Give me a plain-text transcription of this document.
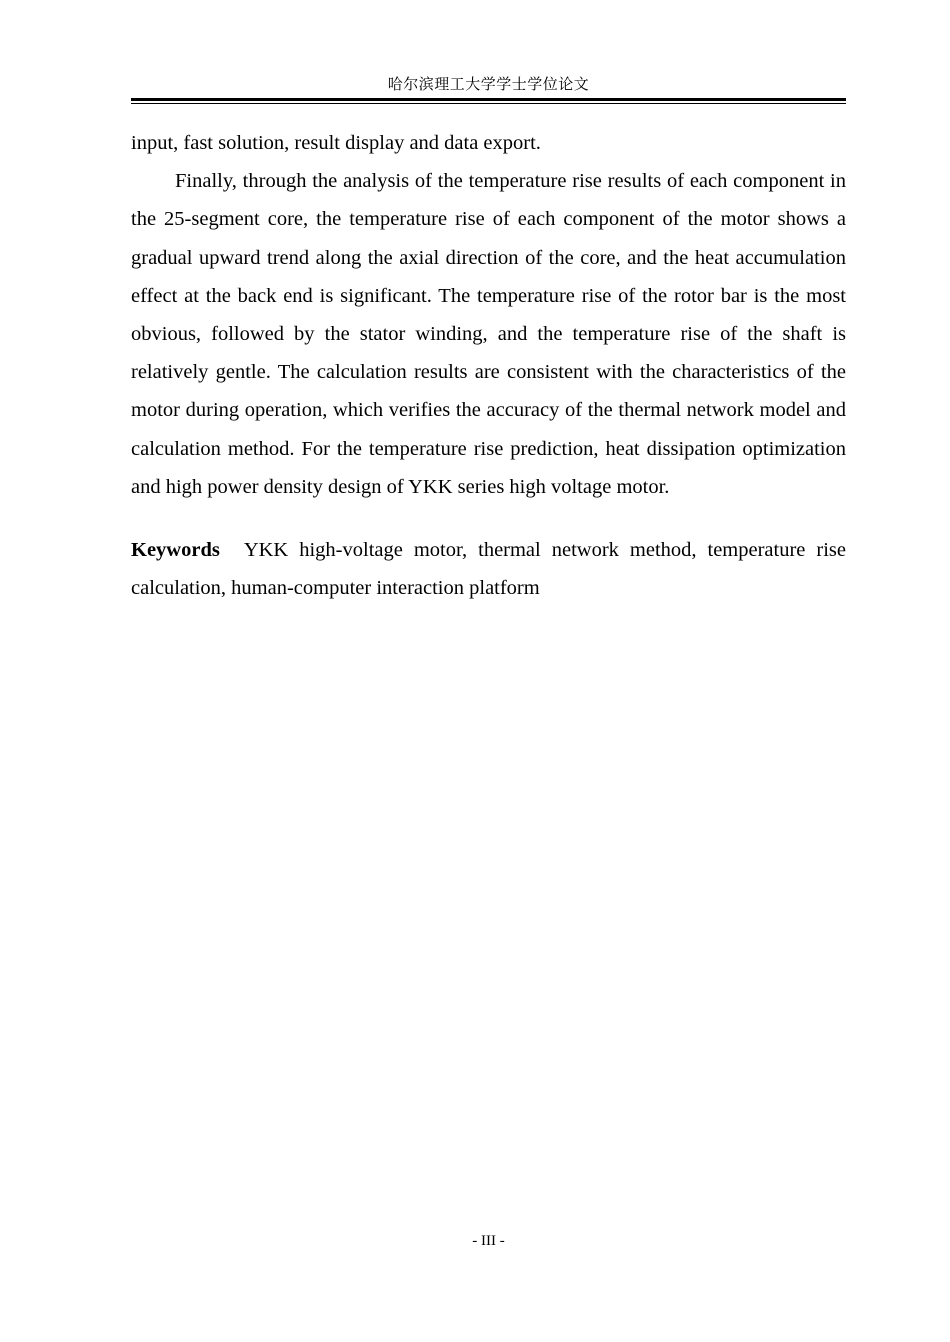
哈尔滨理工大学学士学位论文

input, fast solution, result display and data export.

Finally, through the analysis of the temperature rise results of each component in the 25-segment core, the temperature rise of each component of the motor shows a gradual upward trend along the axial direction of the core, and the heat accumulation effect at the back end is significant. The temperature rise of the rotor bar is the most obvious, followed by the stator winding, and the temperature rise of the shaft is relatively gentle. The calculation results are consistent with the characteristics of the motor during operation, which verifies the accuracy of the thermal network model and calculation method. For the temperature rise prediction, heat dissipation optimization and high power density design of YKK series high voltage motor.

Keywords YKK high-voltage motor, thermal network method, temperature rise calculation, human-computer interaction platform

- III -
